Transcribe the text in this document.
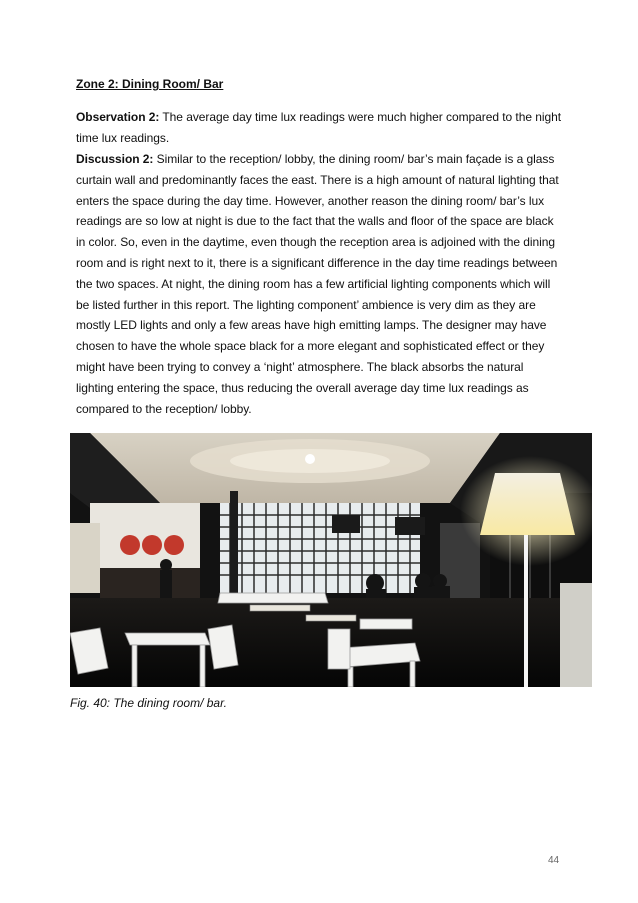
Zone 2: Dining Room/ Bar

Observation 2: The average day time lux readings were much higher compared to the night time lux readings.

Discussion 2: Similar to the reception/ lobby, the dining room/ bar’s main façade is a glass curtain wall and predominantly faces the east. There is a high amount of natural lighting that enters the space during the day time. However, another reason the dining room/ bar’s lux readings are so low at night is due to the fact that the walls and floor of the space are black in color. So, even in the daytime, even though the reception area is adjoined with the dining room and is right next to it, there is a significant difference in the day time readings between the two spaces. At night, the dining room has a few artificial lighting components which will be listed further in this report. The lighting component’ ambience is very dim as they are mostly LED lights and only a few areas have high emitting lamps. The designer may have chosen to have the whole space black for a more elegant and sophisticated effect or they might have been trying to convey a ‘night’ atmosphere. The black absorbs the natural lighting entering the space, thus reducing the overall average day time lux readings as compared to the reception/ lobby.

Fig. 40: The dining room/ bar.
44
